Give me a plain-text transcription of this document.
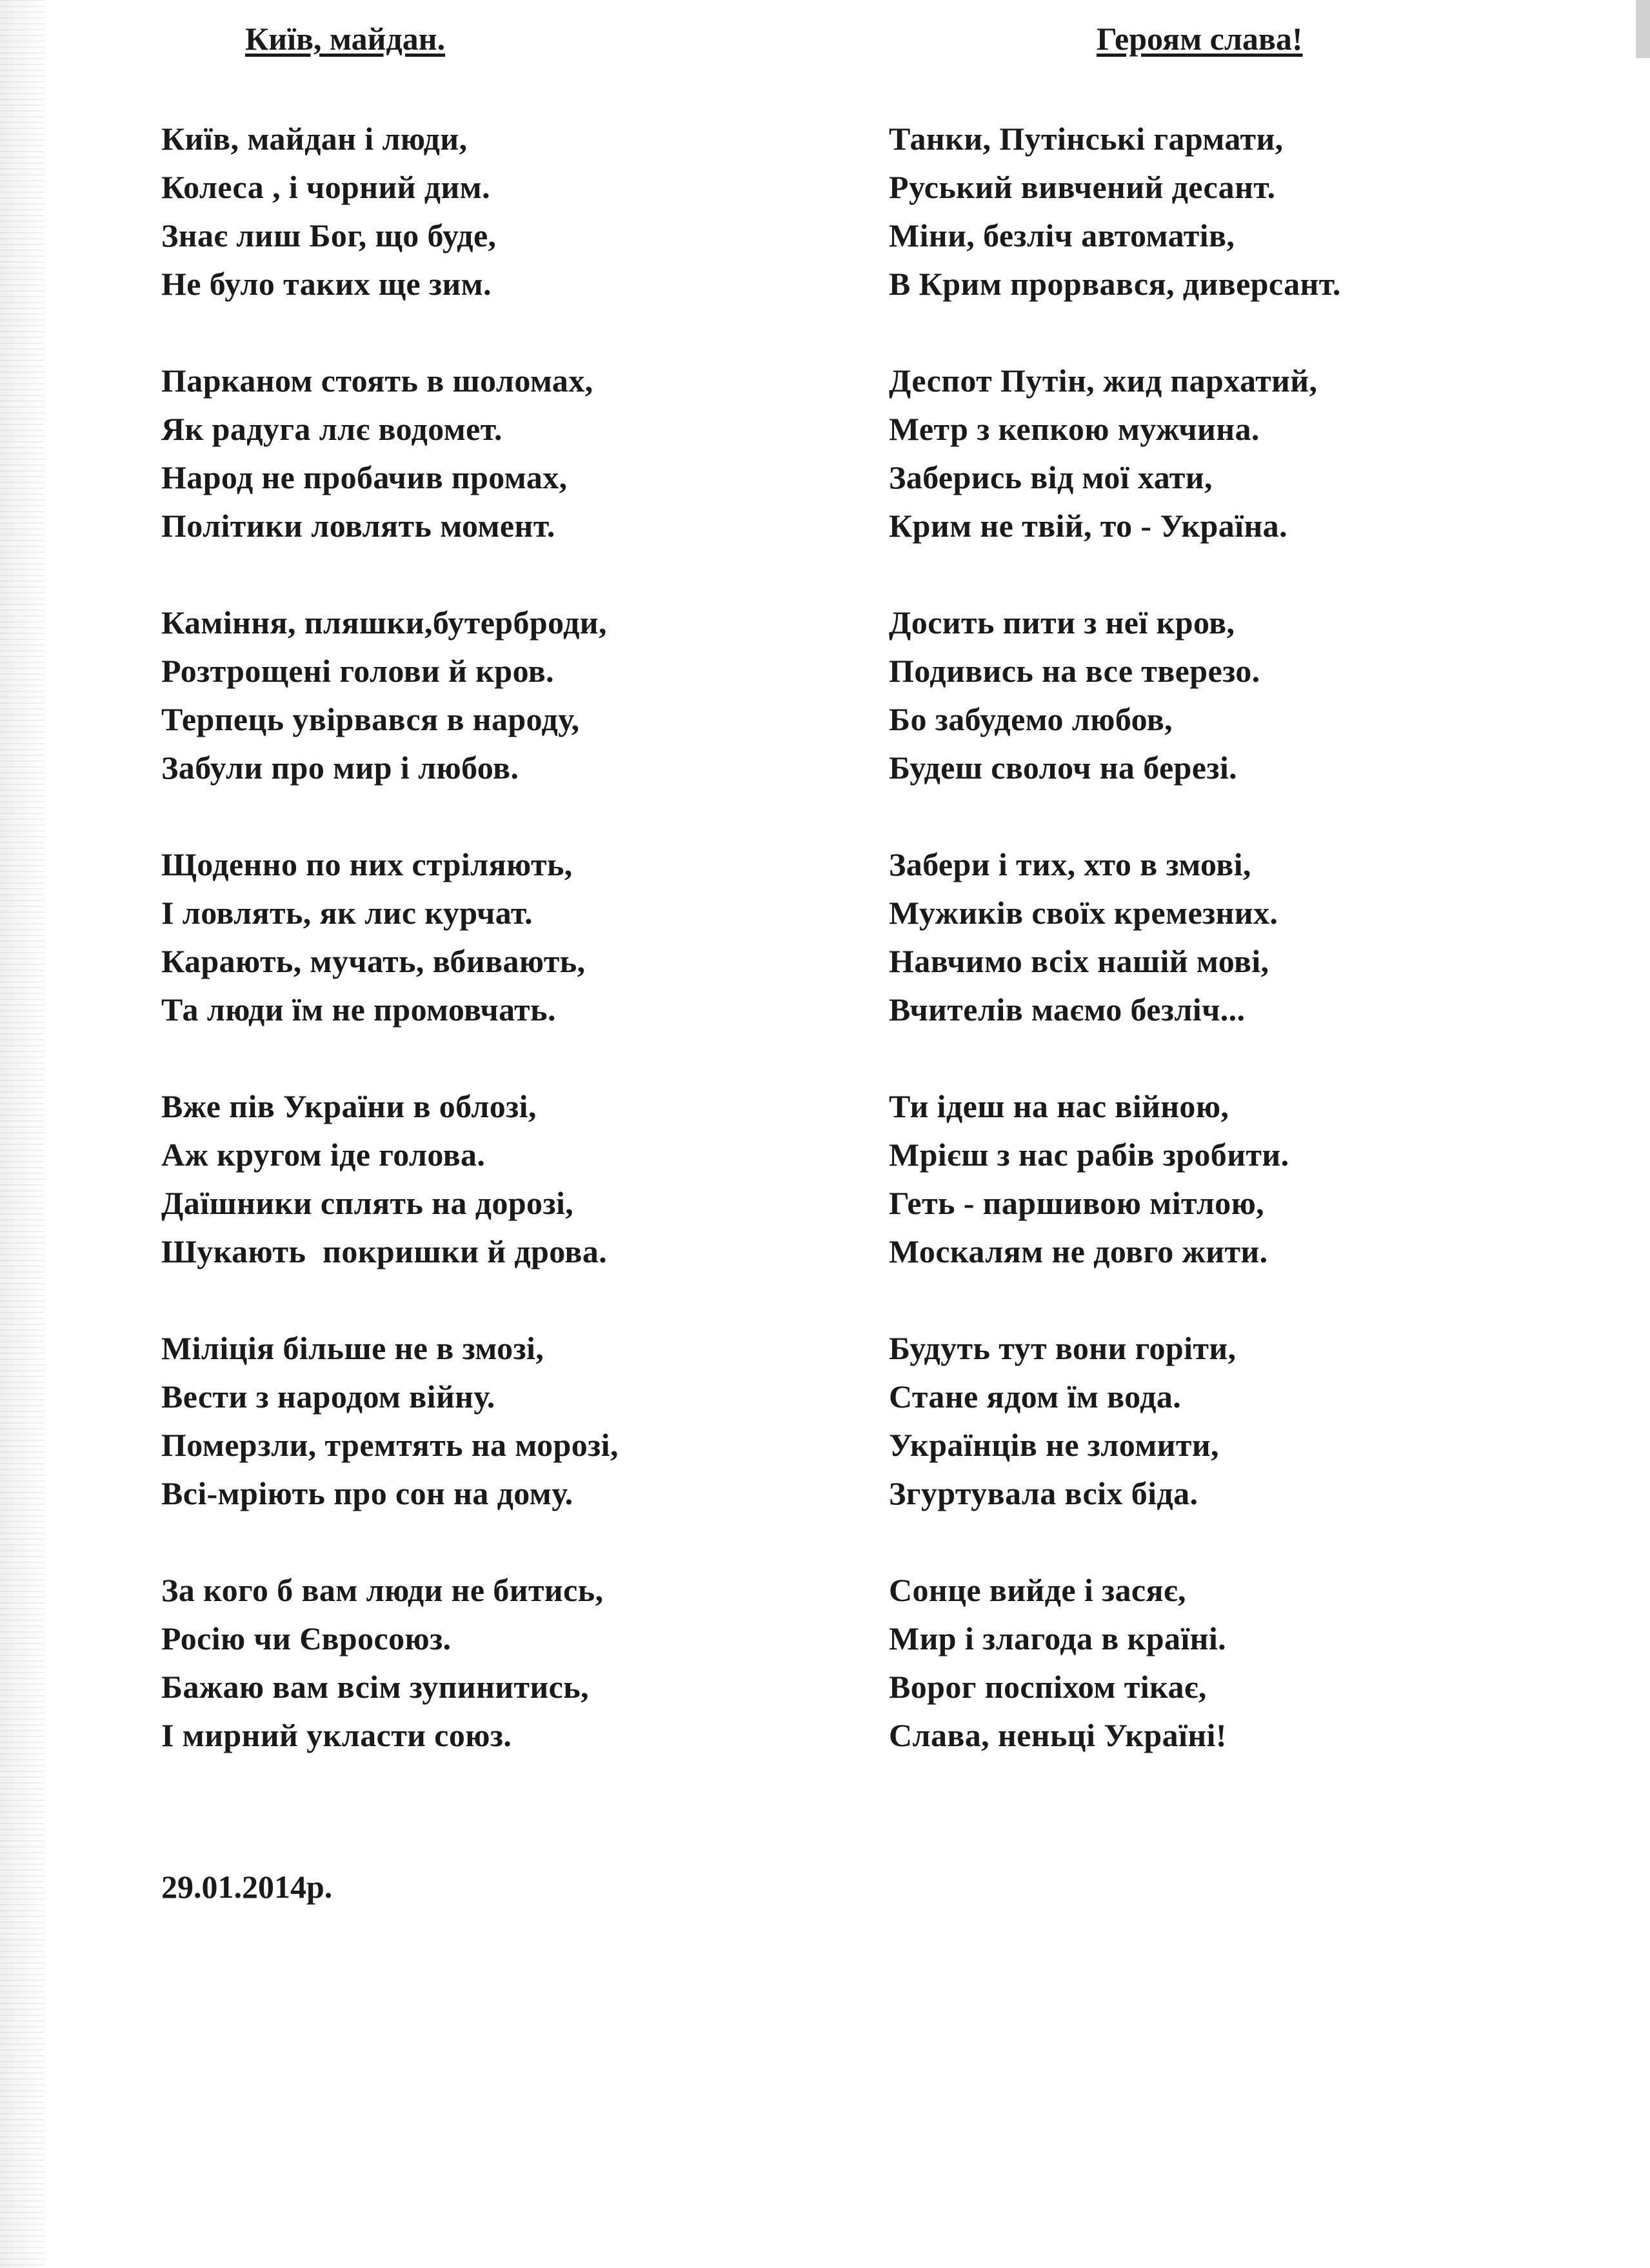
Київ, майдан.
Київ, майдан і люди,
Колеса , і чорний дим.
Знає лиш Бог, що буде,
Не було таких ще зим.
Парканом стоять в шоломах,
Як радуга ллє водомет.
Народ не пробачив промах,
Політики ловлять момент.
Каміння, пляшки,бутерброди,
Розтрощені голови й кров.
Терпець увірвався в народу,
Забули про мир і любов.
Щоденно по них стріляють,
І ловлять, як лис курчат.
Карають, мучать, вбивають,
Та люди їм не промовчать.
Вже пів України в облозі,
Аж кругом іде голова.
Даїшники сплять на дорозі,
Шукають  покришки й дрова.
Міліція більше не в змозі,
Вести з народом війну.
Померзли, тремтять на морозі,
Всі-мріють про сон на дому.
За кого б вам люди не битись,
Росію чи Євросоюз.
Бажаю вам всім зупинитись,
І мирний укласти союз.
Героям слава!
Танки, Путінські гармати,
Руський вивчений десант.
Міни, безліч автоматів,
В Крим прорвався, диверсант.
Деспот Путін, жид пархатий,
Метр з кепкою мужчина.
Заберись від мої хати,
Крим не твій, то - Україна.
Досить пити з неї кров,
Подивись на все тверезо.
Бо забудемо любов,
Будеш сволоч на березі.
Забери і тих, хто в змові,
Мужиків своїх кремезних.
Навчимо всіх нашій мові,
Вчителів маємо безліч...
Ти ідеш на нас війною,
Мрієш з нас рабів зробити.
Геть - паршивою мітлою,
Москалям не довго жити.
Будуть тут вони горіти,
Стане ядом їм вода.
Українців не зломити,
Згуртувала всіх біда.
Сонце вийде і засяє,
Мир і злагода в країні.
Ворог поспіхом тікає,
Слава, неньці Україні!
29.01.2014р.
